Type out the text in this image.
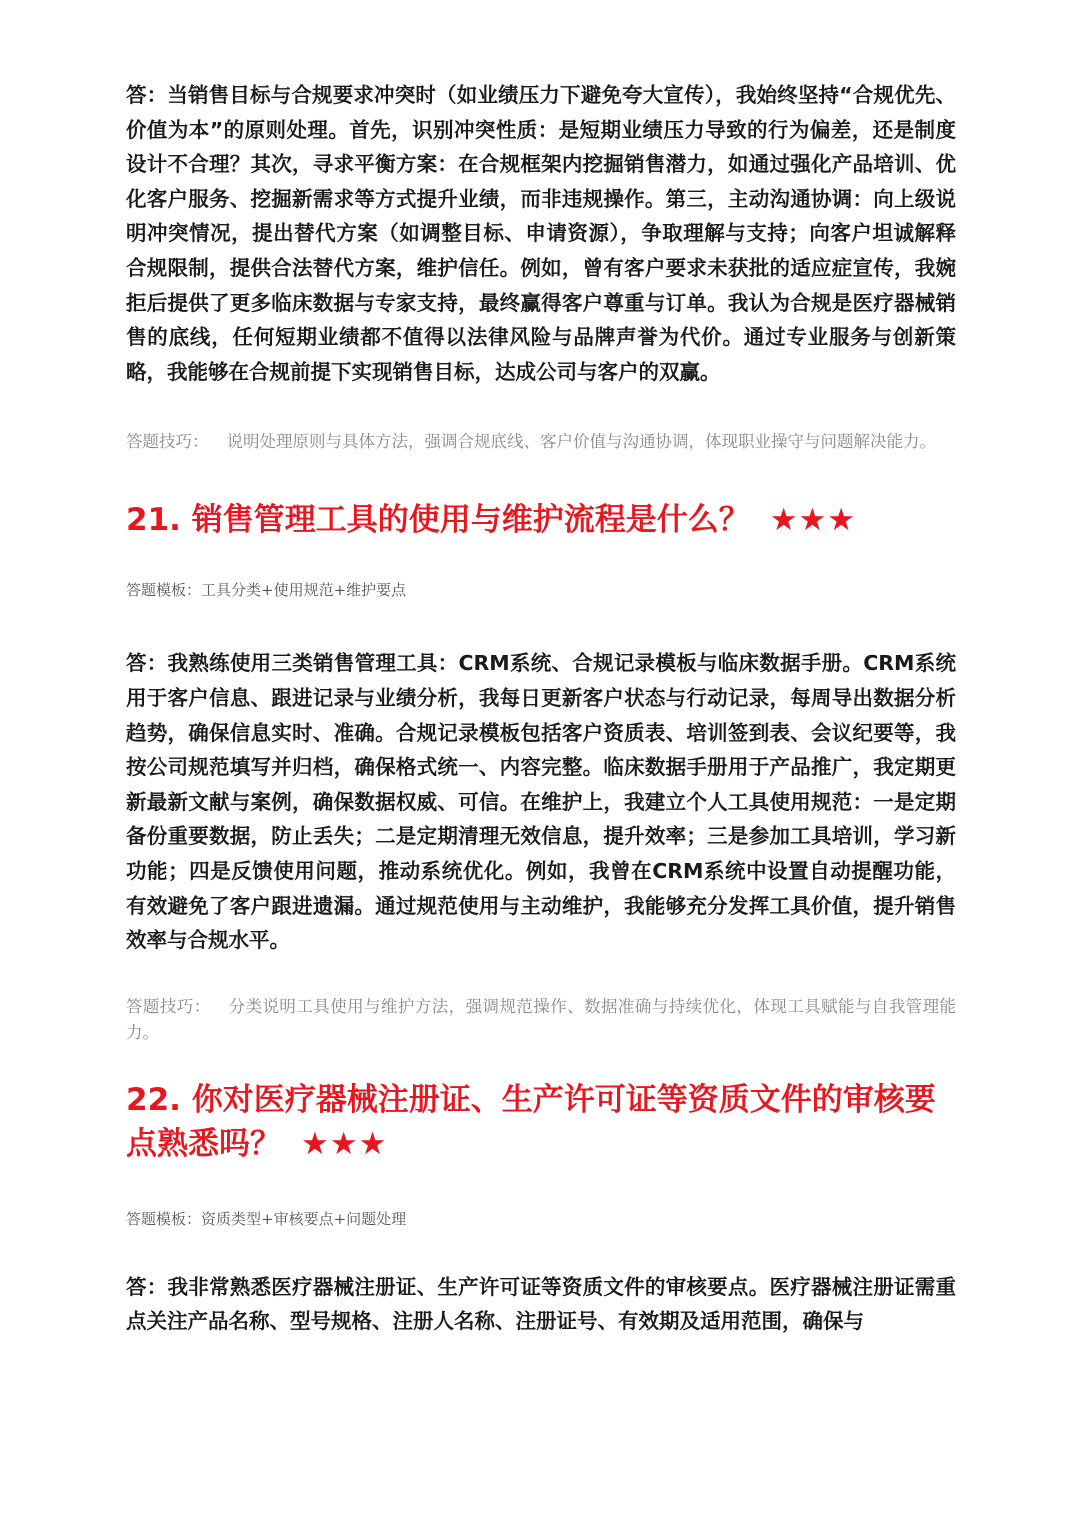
答：当销售目标与合规要求冲突时（如业绩压力下避免夸大宣传），我始终坚持“合规优先、价值为本”的原则处理。首先，识别冲突性质：是短期业绩压力导致的行为偏差，还是制度设计不合理？其次，寻求平衡方案：在合规框架内挖掘销售潜力，如通过强化产品培训、优化客户服务、挖掘新需求等方式提升业绩，而非违规操作。第三，主动沟通协调：向上级说明冲突情况，提出替代方案（如调整目标、申请资源），争取理解与支持；向客户坦诚解释合规限制，提供合法替代方案，维护信任。例如，曾有客户要求未获批的适应症宣传，我婉拒后提供了更多临床数据与专家支持，最终赢得客户尊重与订单。我认为合规是医疗器械销售的底线，任何短期业绩都不值得以法律风险与品牌声誉为代价。通过专业服务与创新策略，我能够在合规前提下实现销售目标，达成公司与客户的双赢。

答题技巧： 说明处理原则与具体方法，强调合规底线、客户价值与沟通协调，体现职业操守与问题解决能力。

21. 销售管理工具的使用与维护流程是什么？ ★★★

答题模板：工具分类+使用规范+维护要点

答：我熟练使用三类销售管理工具：CRM系统、合规记录模板与临床数据手册。CRM系统用于客户信息、跟进记录与业绩分析，我每日更新客户状态与行动记录，每周导出数据分析趋势，确保信息实时、准确。合规记录模板包括客户资质表、培训签到表、会议纪要等，我按公司规范填写并归档，确保格式统一、内容完整。临床数据手册用于产品推广，我定期更新最新文献与案例，确保数据权威、可信。在维护上，我建立个人工具使用规范：一是定期备份重要数据，防止丢失；二是定期清理无效信息，提升效率；三是参加工具培训，学习新功能；四是反馈使用问题，推动系统优化。例如，我曾在CRM系统中设置自动提醒功能，有效避免了客户跟进遗漏。通过规范使用与主动维护，我能够充分发挥工具价值，提升销售效率与合规水平。

答题技巧： 分类说明工具使用与维护方法，强调规范操作、数据准确与持续优化，体现工具赋能与自我管理能力。

22. 你对医疗器械注册证、生产许可证等资质文件的审核要点熟悉吗？ ★★★

答题模板：资质类型+审核要点+问题处理

答：我非常熟悉医疗器械注册证、生产许可证等资质文件的审核要点。医疗器械注册证需重点关注产品名称、型号规格、注册人名称、注册证号、有效期及适用范围，确保与
